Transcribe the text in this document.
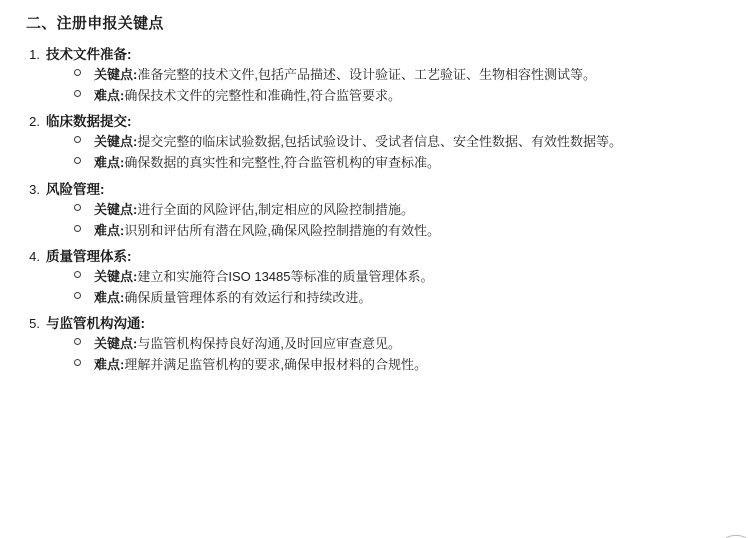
二、注册申报关键点
1. 技术文件准备:
关键点:准备完整的技术文件,包括产品描述、设计验证、工艺验证、生物相容性测试等。
难点:确保技术文件的完整性和准确性,符合监管要求。
2. 临床数据提交:
关键点:提交完整的临床试验数据,包括试验设计、受试者信息、安全性数据、有效性数据等。
难点:确保数据的真实性和完整性,符合监管机构的审查标准。
3. 风险管理:
关键点:进行全面的风险评估,制定相应的风险控制措施。
难点:识别和评估所有潜在风险,确保风险控制措施的有效性。
4. 质量管理体系:
关键点:建立和实施符合ISO 13485等标准的质量管理体系。
难点:确保质量管理体系的有效运行和持续改进。
5. 与监管机构沟通:
关键点:与监管机构保持良好沟通,及时回应审查意见。
难点:理解并满足监管机构的要求,确保申报材料的合规性。
